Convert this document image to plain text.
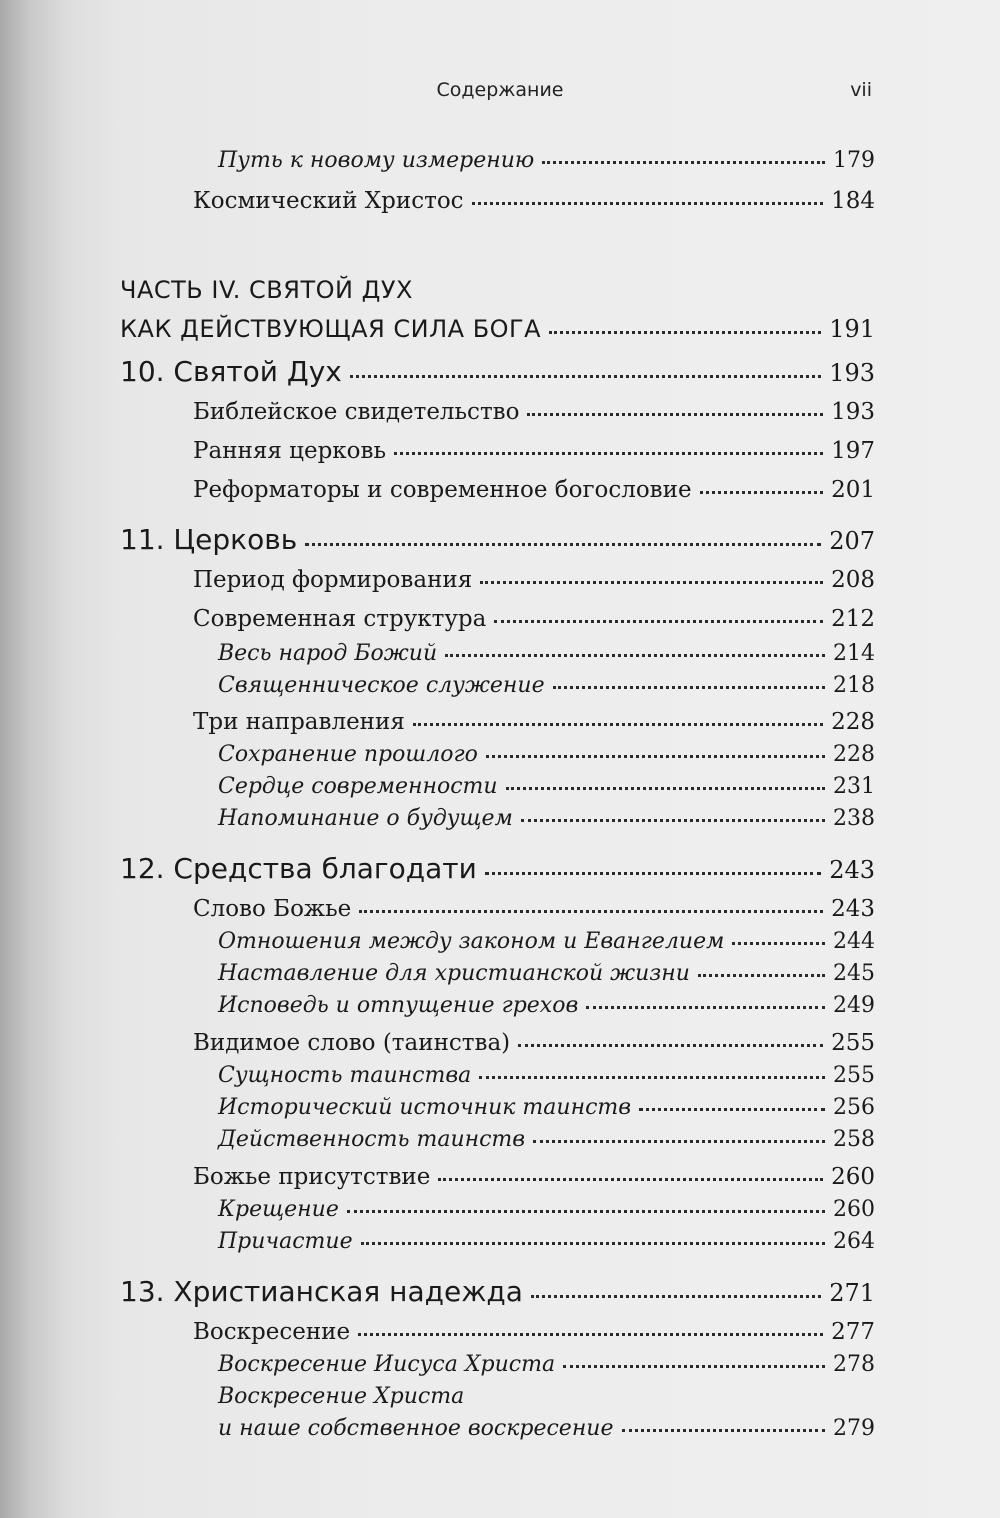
Содержание	vii
Путь к новому измерению	179
Космический Христос	184
ЧАСТЬ IV. СВЯТОЙ ДУХ
КАК ДЕЙСТВУЮЩАЯ СИЛА БОГА	191
10. Святой Дух	193
Библейское свидетельство	193
Ранняя церковь	197
Реформаторы и современное богословие	201
11. Церковь	207
Период формирования	208
Современная структура	212
Весь народ Божий	214
Священническое служение	218
Три направления	228
Сохранение прошлого	228
Сердце современности	231
Напоминание о будущем	238
12. Средства благодати	243
Слово Божье	243
Отношения между законом и Евангелием	244
Наставление для христианской жизни	245
Исповедь и отпущение грехов	249
Видимое слово (таинства)	255
Сущность таинства	255
Исторический источник таинств	256
Действенность таинств	258
Божье присутствие	260
Крещение	260
Причастие	264
13. Христианская надежда	271
Воскресение	277
Воскресение Иисуса Христа	278
Воскресение Христа
и наше собственное воскресение	279
